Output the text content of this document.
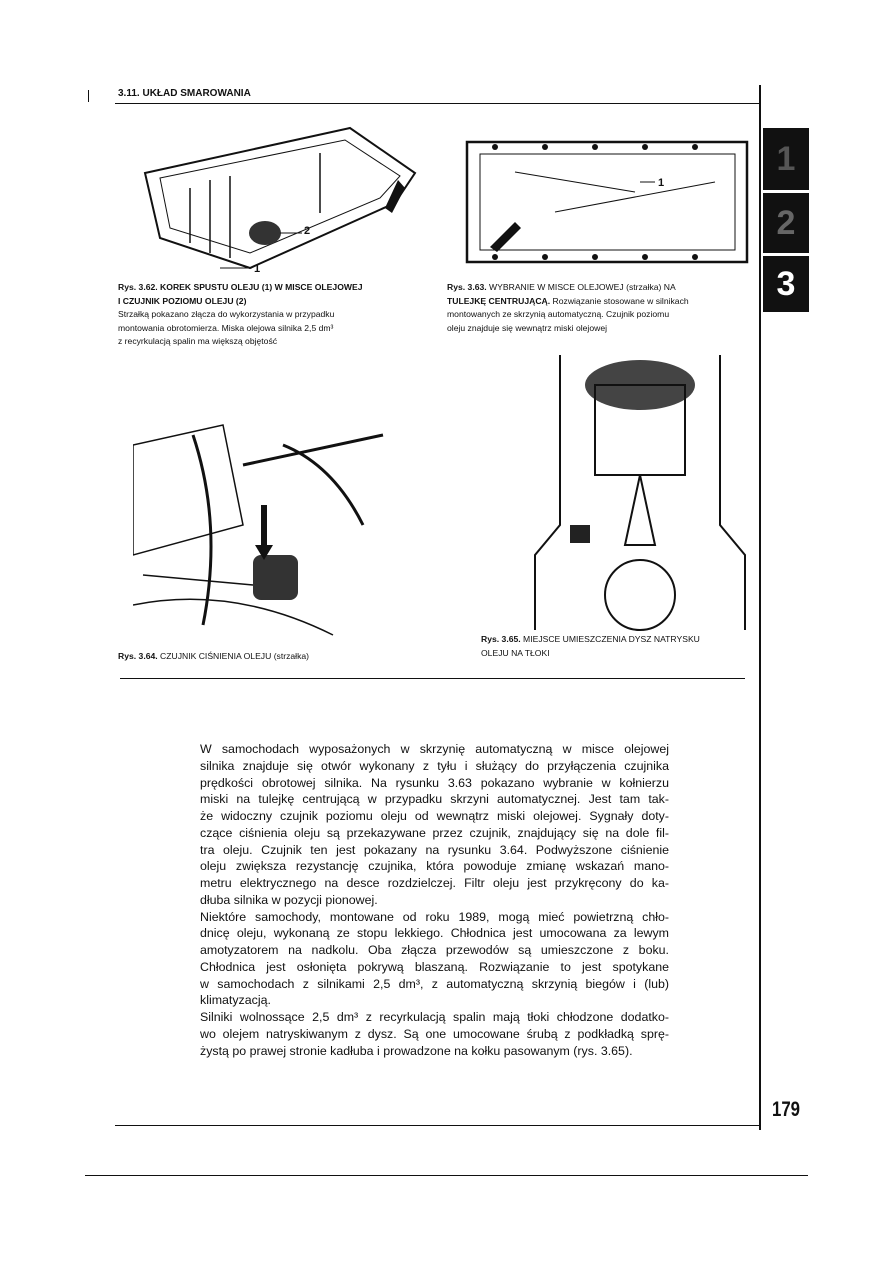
3.11. UKŁAD SMAROWANIA
1
2
3
2
1
Rys. 3.62. KOREK SPUSTU OLEJU (1) W MISCE OLEJOWEJ
I CZUJNIK POZIOMU OLEJU (2)
Strzałką pokazano złącza do wykorzystania w przypadku
montowania obrotomierza. Miska olejowa silnika 2,5 dm³
z recyrkulacją spalin ma większą objętość
1
Rys. 3.63. WYBRANIE W MISCE OLEJOWEJ (strzałka) NA
TULEJKĘ CENTRUJĄCĄ. Rozwiązanie stosowane w silnikach
montowanych ze skrzynią automatyczną. Czujnik poziomu
oleju znajduje się wewnątrz miski olejowej
Rys. 3.64. CZUJNIK CIŚNIENIA OLEJU (strzałka)
Rys. 3.65. MIEJSCE UMIESZCZENIA DYSZ NATRYSKU
OLEJU NA TŁOKI
W samochodach wyposażonych w skrzynię automatyczną w misce olejowej
silnika znajduje się otwór wykonany z tyłu i służący do przyłączenia czujnika
prędkości obrotowej silnika. Na rysunku 3.63 pokazano wybranie w kołnierzu
miski na tulejkę centrującą w przypadku skrzyni automatycznej. Jest tam tak-
że widoczny czujnik poziomu oleju od wewnątrz miski olejowej. Sygnały doty-
czące ciśnienia oleju są przekazywane przez czujnik, znajdujący się na dole fil-
tra oleju. Czujnik ten jest pokazany na rysunku 3.64. Podwyższone ciśnienie
oleju zwiększa rezystancję czujnika, która powoduje zmianę wskazań mano-
metru elektrycznego na desce rozdzielczej. Filtr oleju jest przykręcony do ka-
dłuba silnika w pozycji pionowej.
Niektóre samochody, montowane od roku 1989, mogą mieć powietrzną chło-
dnicę oleju, wykonaną ze stopu lekkiego. Chłodnica jest umocowana za lewym
amotyzatorem na nadkolu. Oba złącza przewodów są umieszczone z boku.
Chłodnica jest osłonięta pokrywą blaszaną. Rozwiązanie to jest spotykane
w samochodach z silnikami 2,5 dm³, z automatyczną skrzynią biegów i (lub)
klimatyzacją.
Silniki wolnossące 2,5 dm³ z recyrkulacją spalin mają tłoki chłodzone dodatko-
wo olejem natryskiwanym z dysz. Są one umocowane śrubą z podkładką sprę-
żystą po prawej stronie kadłuba i prowadzone na kołku pasowanym (rys. 3.65).
179
